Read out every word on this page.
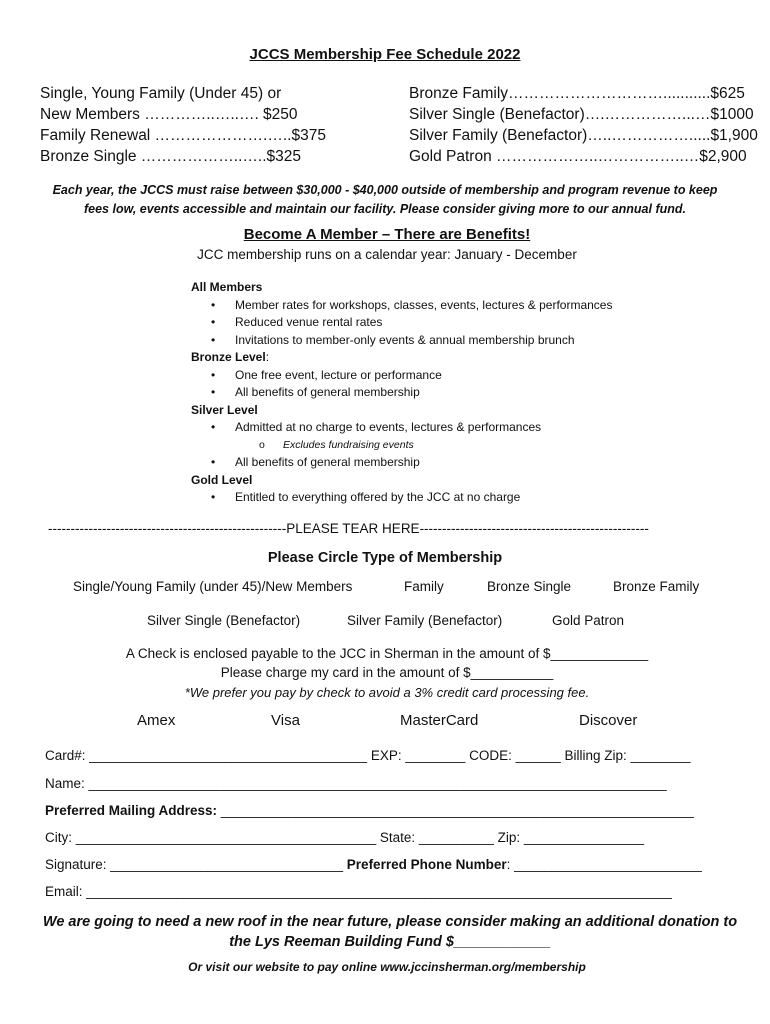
JCCS Membership Fee Schedule 2022
Single, Young Family (Under 45) or
New Members …………..…..…. $250
Family Renewal ………………….…..$375
Bronze Single ………………..…..$325
Bronze Family…………………………...........$625
Silver Single (Benefactor)….……………...…$1000
Silver Family (Benefactor)…..…………….....$1,900
Gold Patron ………………..……………..…$2,900
Each year, the JCCS must raise between $30,000 - $40,000 outside of membership and program revenue to keep fees low, events accessible and maintain our facility. Please consider giving more to our annual fund.
Become A Member – There are Benefits!
JCC membership runs on a calendar year: January - December
All Members
• Member rates for workshops, classes, events, lectures & performances
• Reduced venue rental rates
• Invitations to member-only events & annual membership brunch
Bronze Level:
• One free event, lecture or performance
• All benefits of general membership
Silver Level
• Admitted at no charge to events, lectures & performances
o Excludes fundraising events
• All benefits of general membership
Gold Level
• Entitled to everything offered by the JCC at no charge
-----------------------------------------------------PLEASE TEAR HERE---------------------------------------------------
Please Circle Type of Membership
Single/Young Family (under 45)/New Members	Family	Bronze Single	Bronze Family
Silver Single (Benefactor)	Silver Family (Benefactor)	Gold Patron
A Check is enclosed payable to the JCC in Sherman in the amount of $_____________
Please charge my card in the amount of $___________
*We prefer you pay by check to avoid a 3% credit card processing fee.
Amex	Visa	MasterCard	Discover
Card#: _____________________________________ EXP: ________ CODE: ______ Billing Zip: ________
Name: _____________________________________________________________________________
Preferred Mailing Address: _______________________________________________________________
City: ________________________________________ State: __________ Zip: ________________
Signature: _______________________________ Preferred Phone Number: _________________________
Email: ______________________________________________________________________________
We are going to need a new roof in the near future, please consider making an additional donation to the Lys Reeman Building Fund $____________
Or visit our website to pay online www.jccinsherman.org/membership
